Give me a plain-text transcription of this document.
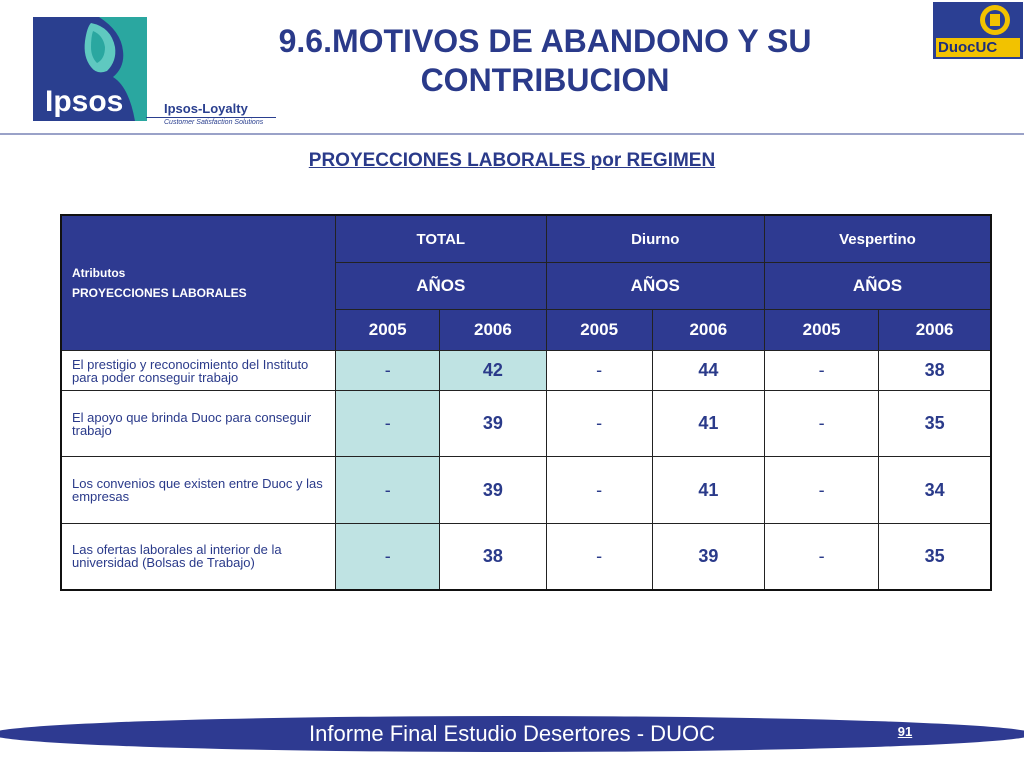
Ipsos	Ipsos-Loyalty
Customer Satisfaction Solutions
9.6.MOTIVOS DE ABANDONO Y SU CONTRIBUCION
DuocUC
PROYECCIONES LABORALES por REGIMEN
Atributos
PROYECCIONES LABORALES	TOTAL		Diurno		Vespertino	
	AÑOS		AÑOS		AÑOS	
	2005	2006	2005	2006	2005	2006
El prestigio y reconocimiento del Instituto para poder conseguir trabajo	-	42	-	44	-	38
El apoyo que brinda Duoc para conseguir trabajo	-	39	-	41	-	35
Los convenios que existen entre Duoc y las empresas	-	39	-	41	-	34
Las ofertas laborales al interior de la universidad (Bolsas de Trabajo)	-	38	-	39	-	35
Informe Final Estudio Desertores - DUOC	91
